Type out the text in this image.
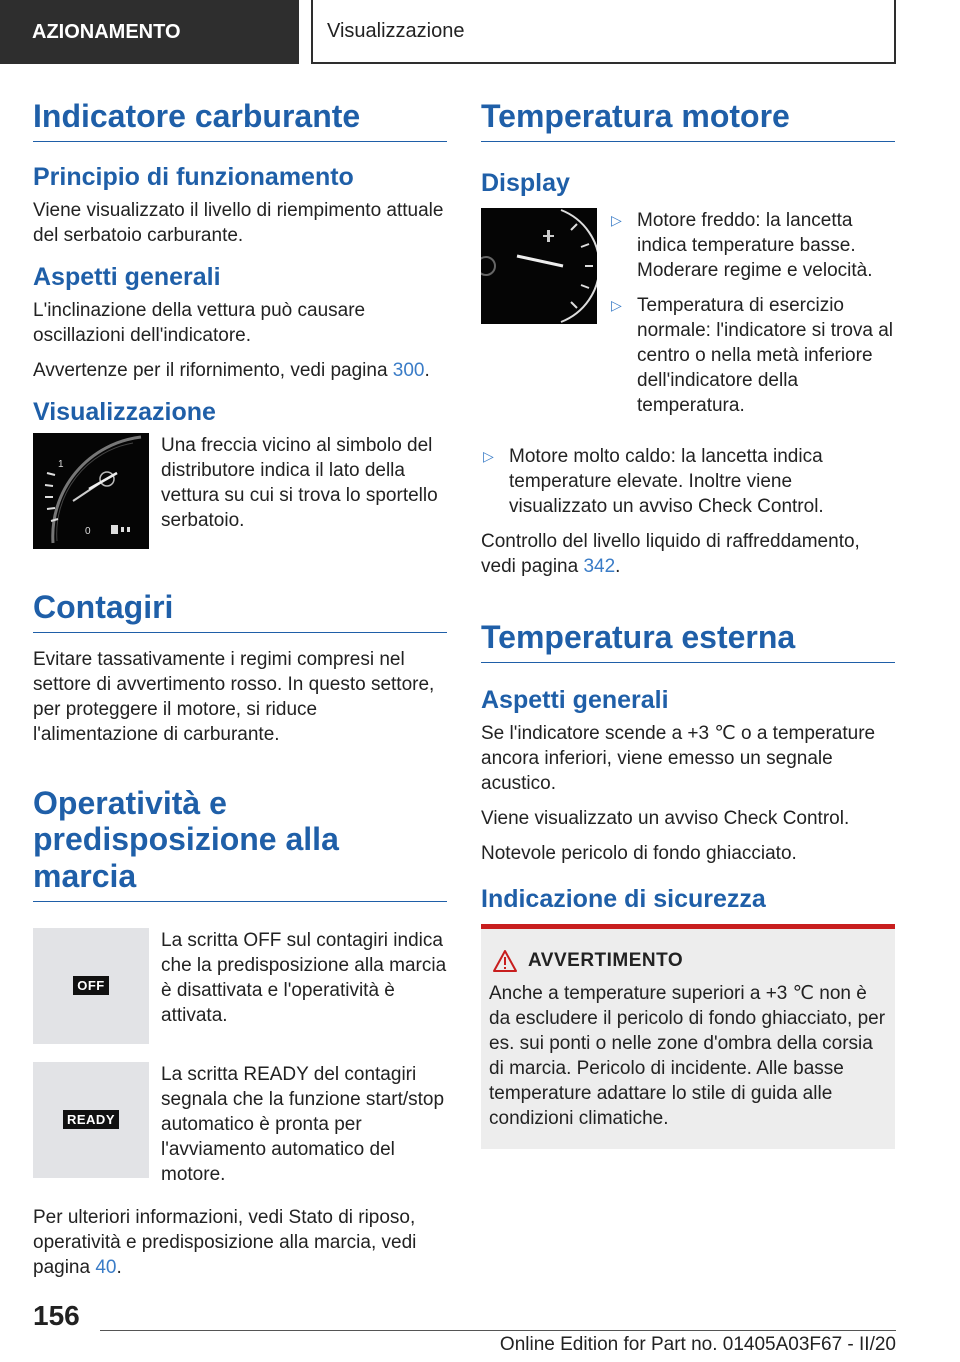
AZIONAMENTO	Visualizzazione
Indicatore carburante
Principio di funzionamento

Viene visualizzato il livello di riempimento attuale del serbatoio carburante.

Aspetti generali

L'inclinazione della vettura può causare oscillazioni dell'indicatore.

Avvertenze per il rifornimento, vedi pagina 300.

Visualizzazione
1
0
Una freccia vicino al simbolo del distributore indica il lato della vettura su cui si trova lo sportello serbatoio.
Contagiri

Evitare tassativamente i regimi compresi nel settore di avvertimento rosso. In questo settore, per proteggere il motore, si riduce l'alimentazione di carburante.

Operatività e predisposizione alla marcia
OFF
La scritta OFF sul contagiri indica che la predisposizione alla marcia è disattivata e l'operatività è attivata.
READY
La scritta READY del contagiri segnala che la funzione start/stop automatico è pronta per l'avviamento automatico del motore.

Per ulteriori informazioni, vedi Stato di riposo, operatività e predisposizione alla marcia, vedi pagina 40.

Temperatura motore
Display
▷ Motore freddo: la lancetta indica temperature basse. Moderare regime e velocità.
▷ Temperatura di esercizio normale: l'indicatore si trova al centro o nella metà inferiore dell'indicatore della temperatura.
▷ Motore molto caldo: la lancetta indica temperature elevate. Inoltre viene visualizzato un avviso Check Control.

Controllo del livello liquido di raffreddamento, vedi pagina 342.

Temperatura esterna
Aspetti generali

Se l'indicatore scende a +3 ℃ o a temperature ancora inferiori, viene emesso un segnale acustico.

Viene visualizzato un avviso Check Control.

Notevole pericolo di fondo ghiacciato.

Indicazione di sicurezza
AVVERTIMENTO

Anche a temperature superiori a +3 ℃ non è da escludere il pericolo di fondo ghiacciato, per es. sui ponti o nelle zone d'ombra della corsia di marcia. Pericolo di incidente. Alle basse temperature adattare lo stile di guida alle condizioni climatiche.

156
Online Edition for Part no. 01405A03F67 - II/20
